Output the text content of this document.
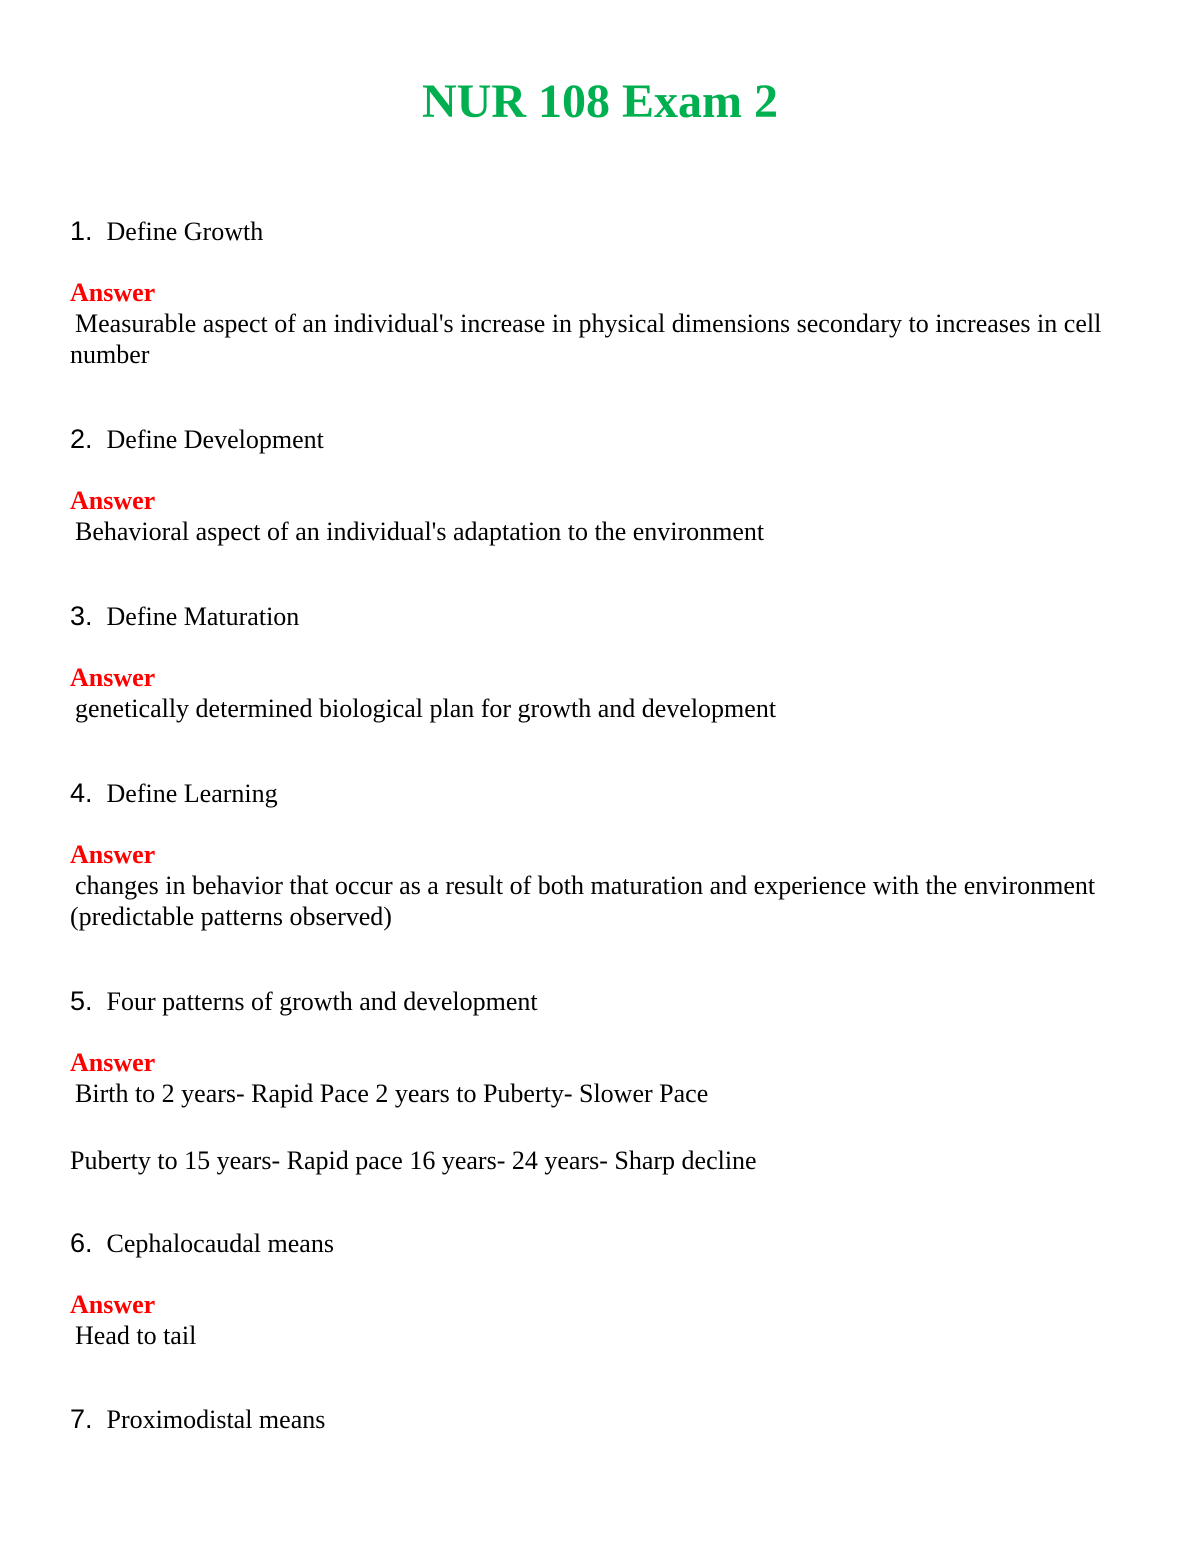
NUR 108 Exam 2
1. Define Growth
Answer
Measurable aspect of an individual's increase in physical dimensions secondary to increases in cell number
2. Define Development
Answer
Behavioral aspect of an individual's adaptation to the environment
3. Define Maturation
Answer
genetically determined biological plan for growth and development
4. Define Learning
Answer
changes in behavior that occur as a result of both maturation and experience with the environment (predictable patterns observed)
5. Four patterns of growth and development
Answer
Birth to 2 years- Rapid Pace 2 years to Puberty- Slower Pace
Puberty to 15 years- Rapid pace 16 years- 24 years- Sharp decline
6. Cephalocaudal means
Answer
Head to tail
7. Proximodistal means
